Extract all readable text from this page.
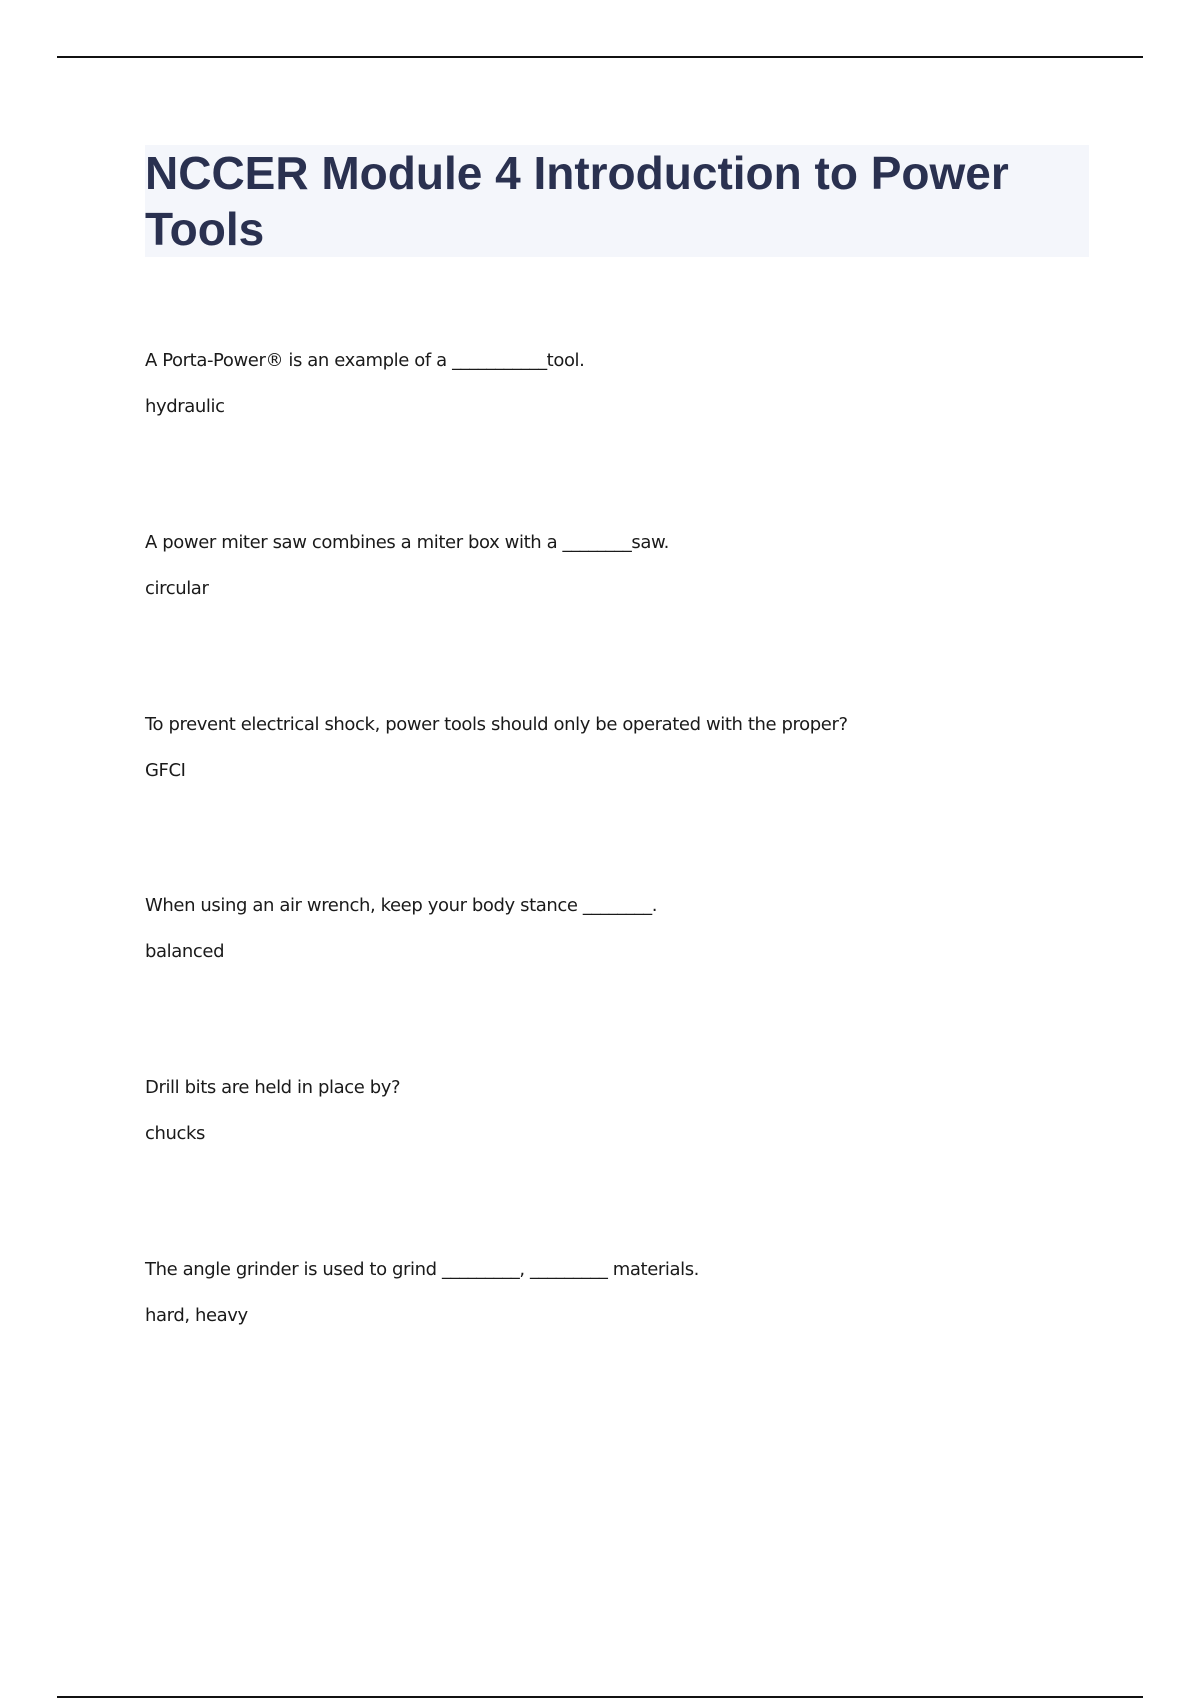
NCCER Module 4 Introduction to Power Tools

A Porta-Power® is an example of a ___________tool.

hydraulic

A power miter saw combines a miter box with a ________saw.

circular

To prevent electrical shock, power tools should only be operated with the proper?

GFCI

When using an air wrench, keep your body stance ________.

balanced

Drill bits are held in place by?

chucks

The angle grinder is used to grind _________, _________ materials.

hard, heavy
